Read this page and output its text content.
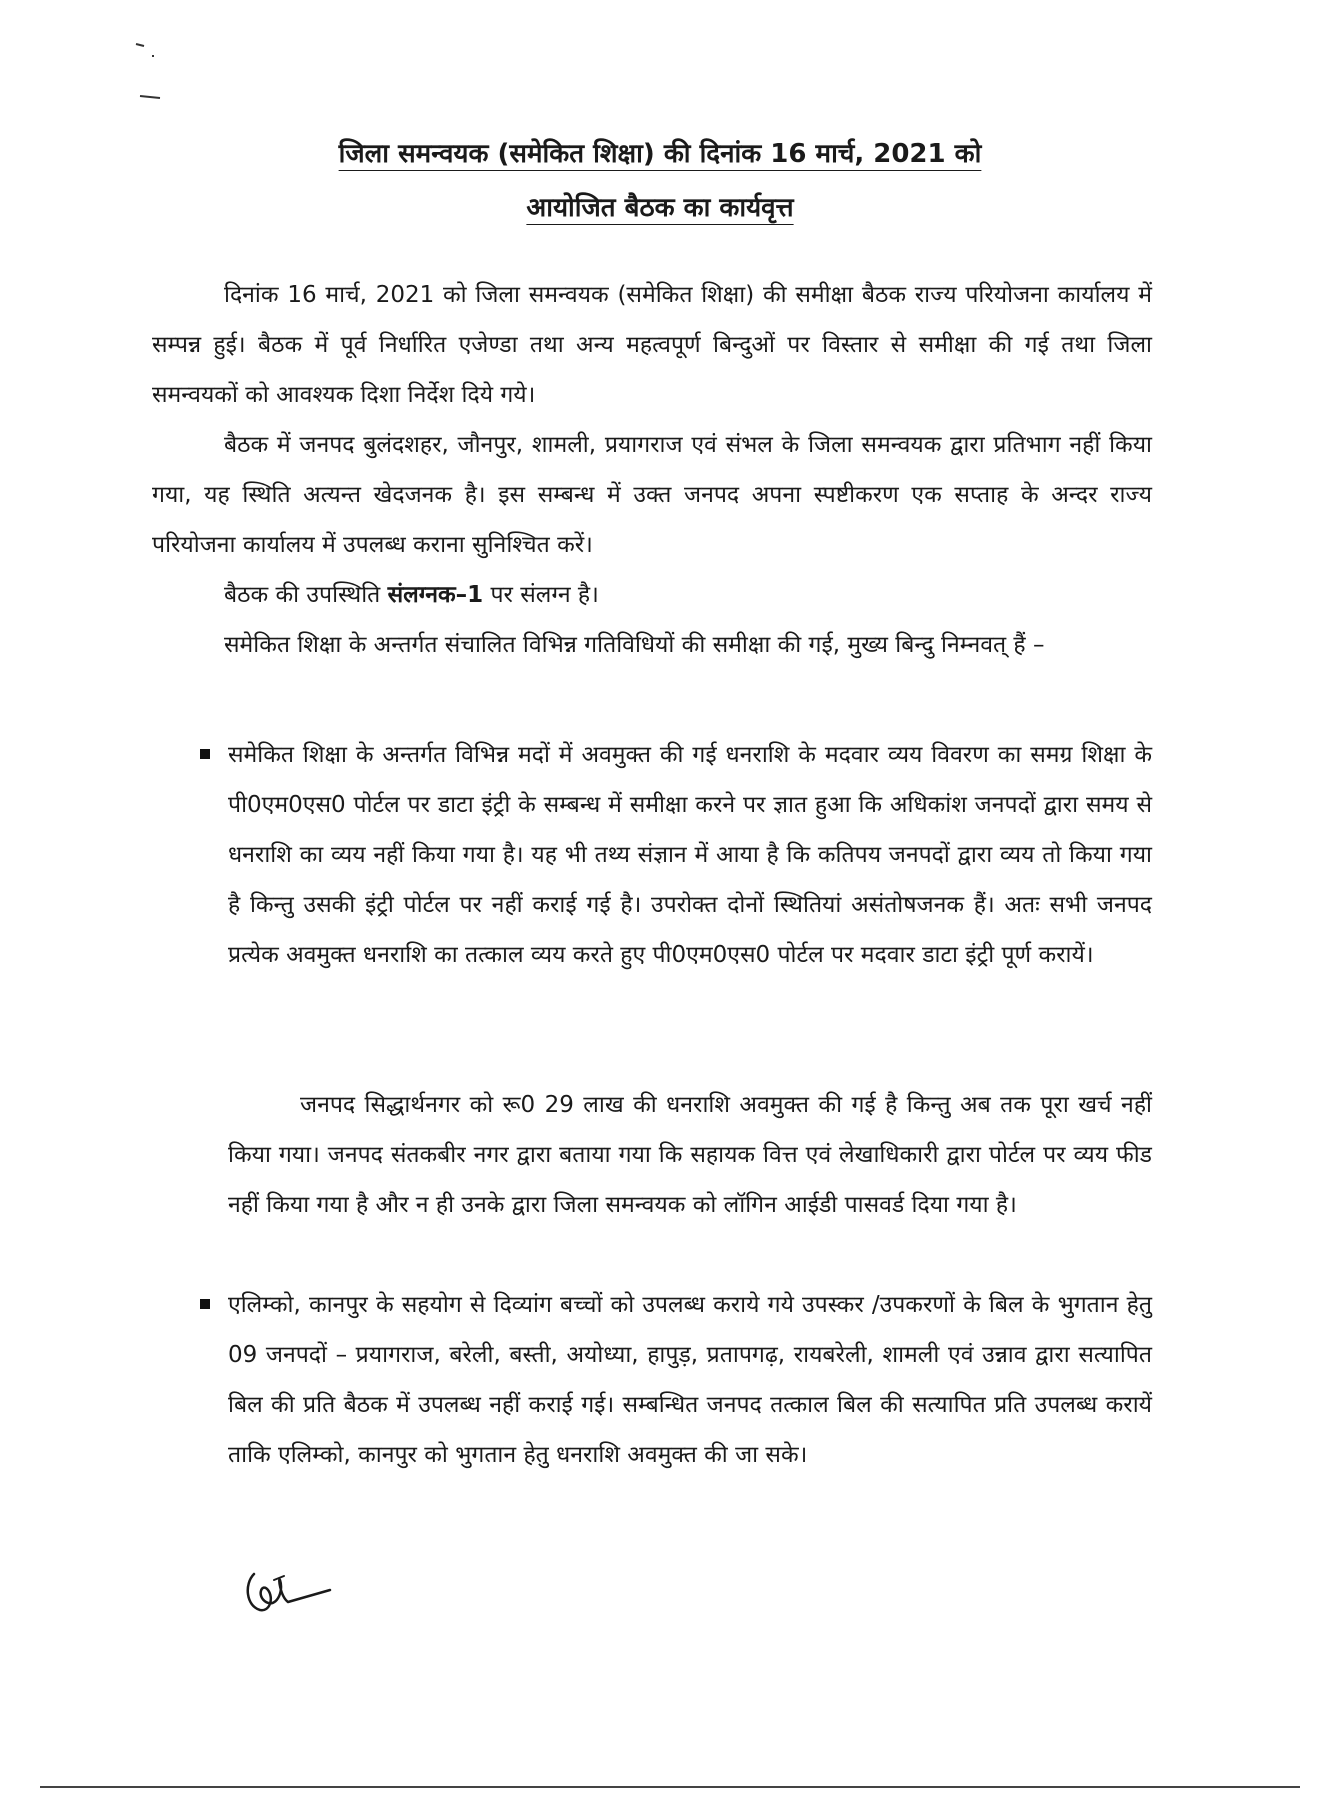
जिला समन्वयक (समेकित शिक्षा) की दिनांक 16 मार्च, 2021 को
आयोजित बैठक का कार्यवृत्त

दिनांक 16 मार्च, 2021 को जिला समन्वयक (समेकित शिक्षा) की समीक्षा बैठक राज्य परियोजना कार्यालय में सम्पन्न हुई। बैठक में पूर्व निर्धारित एजेण्डा तथा अन्य महत्वपूर्ण बिन्दुओं पर विस्तार से समीक्षा की गई तथा जिला समन्वयकों को आवश्यक दिशा निर्देश दिये गये।

बैठक में जनपद बुलंदशहर, जौनपुर, शामली, प्रयागराज एवं संभल के जिला समन्वयक द्वारा प्रतिभाग नहीं किया गया, यह स्थिति अत्यन्त खेदजनक है। इस सम्बन्ध में उक्त जनपद अपना स्पष्टीकरण एक सप्ताह के अन्दर राज्य परियोजना कार्यालय में उपलब्ध कराना सुनिश्चित करें।

बैठक की उपस्थिति संलग्नक–1 पर संलग्न है।

समेकित शिक्षा के अन्तर्गत संचालित विभिन्न गतिविधियों की समीक्षा की गई, मुख्य बिन्दु निम्नवत् हैं –

समेकित शिक्षा के अन्तर्गत विभिन्न मदों में अवमुक्त की गई धनराशि के मदवार व्यय विवरण का समग्र शिक्षा के पी0एम0एस0 पोर्टल पर डाटा इंट्री के सम्बन्ध में समीक्षा करने पर ज्ञात हुआ कि अधिकांश जनपदों द्वारा समय से धनराशि का व्यय नहीं किया गया है। यह भी तथ्य संज्ञान में आया है कि कतिपय जनपदों द्वारा व्यय तो किया गया है किन्तु उसकी इंट्री पोर्टल पर नहीं कराई गई है। उपरोक्त दोनों स्थितियां असंतोषजनक हैं। अतः सभी जनपद प्रत्येक अवमुक्त धनराशि का तत्काल व्यय करते हुए पी0एम0एस0 पोर्टल पर मदवार डाटा इंट्री पूर्ण करायें।

जनपद सिद्धार्थनगर को रू0 29 लाख की धनराशि अवमुक्त की गई है किन्तु अब तक पूरा खर्च नहीं किया गया। जनपद संतकबीर नगर द्वारा बताया गया कि सहायक वित्त एवं लेखाधिकारी द्वारा पोर्टल पर व्यय फीड नहीं किया गया है और न ही उनके द्वारा जिला समन्वयक को लॉगिन आईडी पासवर्ड दिया गया है।

एलिम्को, कानपुर के सहयोग से दिव्यांग बच्चों को उपलब्ध कराये गये उपस्कर /उपकरणों के बिल के भुगतान हेतु 09 जनपदों – प्रयागराज, बरेली, बस्ती, अयोध्या, हापुड़, प्रतापगढ़, रायबरेली, शामली एवं उन्नाव द्वारा सत्यापित बिल की प्रति बैठक में उपलब्ध नहीं कराई गई। सम्बन्धित जनपद तत्काल बिल की सत्यापित प्रति उपलब्ध करायें ताकि एलिम्को, कानपुर को भुगतान हेतु धनराशि अवमुक्त की जा सके।
